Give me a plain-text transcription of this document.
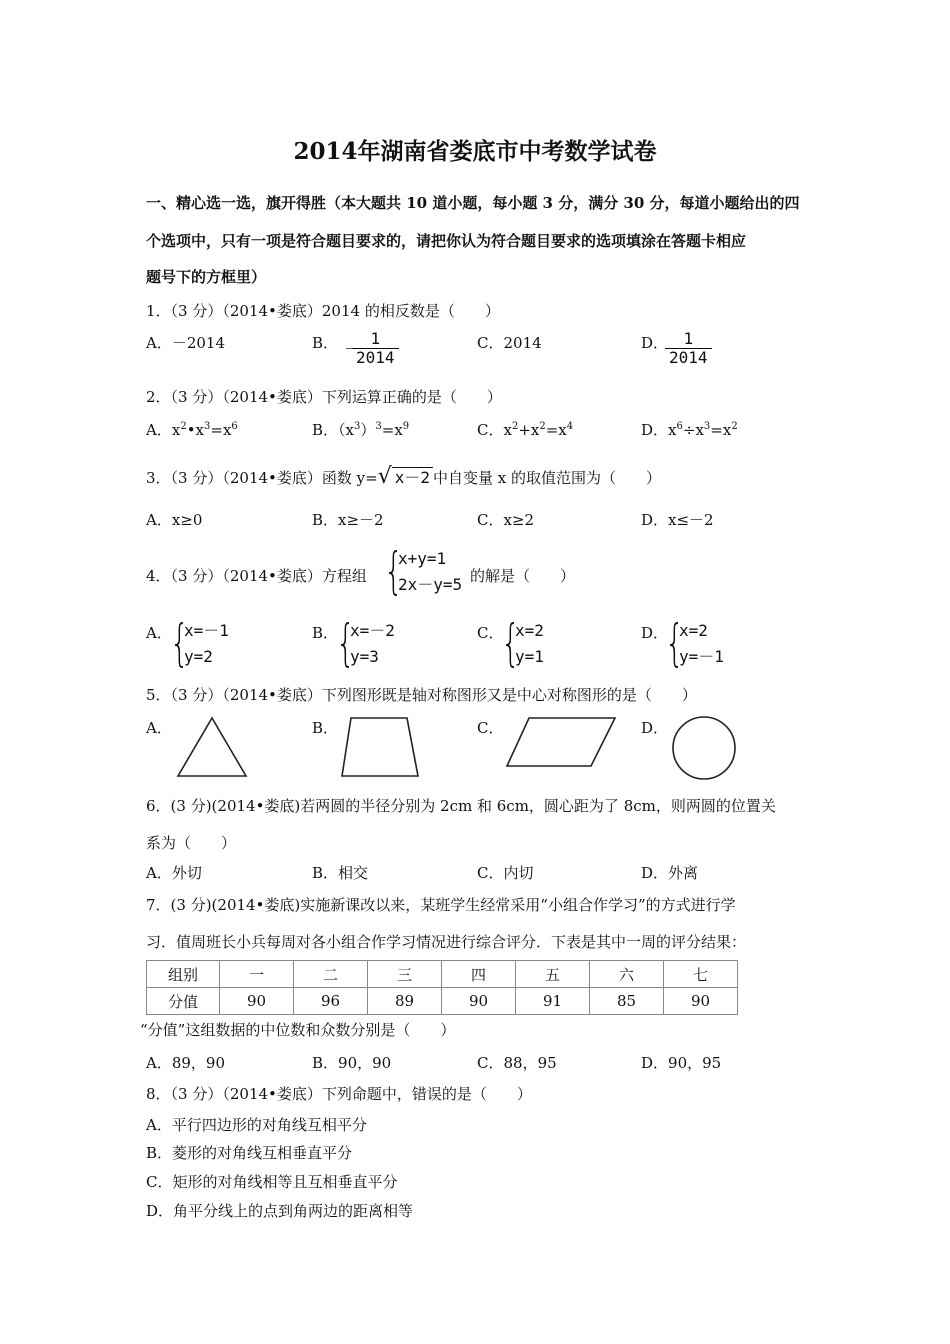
2014年湖南省娄底市中考数学试卷
一、精心选一选，旗开得胜（本大题共 10 道小题，每小题 3 分，满分 30 分，每道小题给出的四
个选项中，只有一项是符合题目要求的，请把你认为符合题目要求的选项填涂在答题卡相应
题号下的方框里）
1．（3 分）（2014•娄底）2014 的相反数是（　　）
A．－2014	B． －
$\frac{1}{2014}$	C．2014	D．
$\frac{1}{2014}$
2．（3 分）（2014•娄底）下列运算正确的是（　　）
A．$x^2•x^3=x^6$	B．$(x^3)^3=x^9$	C．$x^2+x^2=x^4$	D．$x^6\div x^3=x^2$
3．（3 分）（2014•娄底）函数 y=√ x－2 中自变量 x 的取值范围为（　　）
A．x≥0	B．x≥－2	C．x≥2	D．x≤－2
4．（3 分）（2014•娄底）方程组 {
x+y=1
2x－y=5 的解是（　　）
A．
{
x=－1
y=2
B．
{
x=－2
y=3
C．
{
x=2
y=1
D．
{
x=2
y=－1
5．（3 分）（2014•娄底）下列图形既是轴对称图形又是中心对称图形的是（　　）
A．	B．	C．	D．
6．(3 分)(2014•娄底)若两圆的半径分别为 2cm 和 6cm，圆心距为了 8cm，则两圆的位置关
系为（　　）
A．外切	B．相交	C．内切	D．外离
7．(3 分)(2014•娄底)实施新课改以来，某班学生经常采用“小组合作学习”的方式进行学
习．值周班长小兵每周对各小组合作学习情况进行综合评分．下表是其中一周的评分结果：
组别	一	二	三	四	五	六	七
分值	90	96	89	90	91	85	90
“分值”这组数据的中位数和众数分别是（　　）
A．89，90	B．90，90	C．88，95	D．90，95
8．（3 分）（2014•娄底）下列命题中，错误的是（　　）
A．平行四边形的对角线互相平分
B．菱形的对角线互相垂直平分
C．矩形的对角线相等且互相垂直平分
D．角平分线上的点到角两边的距离相等
